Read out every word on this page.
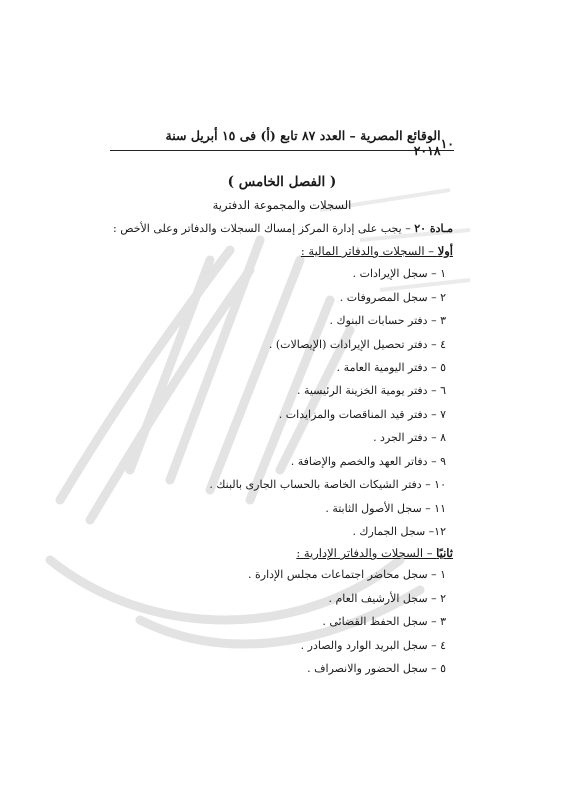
١٠
الوقائع المصرية – العدد ٨٧ تابع (أ) فى ١٥ أبريل سنة ٢٠١٨
( الفصل الخامس )
السجلات والمجموعة الدفترية
مـادة ٢٠ – يجب على إدارة المركز إمساك السجلات والدفاتر وعلى الأخص :
أولا – السجلات والدفاتر المالية :
١ – سجل الإيرادات .
٢ – سجل المصروفات .
٣ – دفتر حسابات البنوك .
٤ – دفتر تحصيل الإيرادات (الإيصالات) .
٥ – دفتر اليومية العامة .
٦ – دفتر يومية الخزينة الرئيسية .
٧ – دفتر قيد المناقصات والمزايدات .
٨ – دفتر الجرد .
٩ – دفاتر العهد والخصم والإضافة .
١٠ – دفتر الشيكات الخاصة بالحساب الجارى بالبنك .
١١ – سجل الأصول الثابتة .
١٢– سجل الجمارك .
ثانيًا – السجلات والدفاتر الإدارية :
١ – سجل محاضر اجتماعات مجلس الإدارة .
٢ – سجل الأرشيف العام .
٣ – سجل الحفظ القضائى .
٤ – سجل البريد الوارد والصادر .
٥ – سجل الحضور والانصراف .
